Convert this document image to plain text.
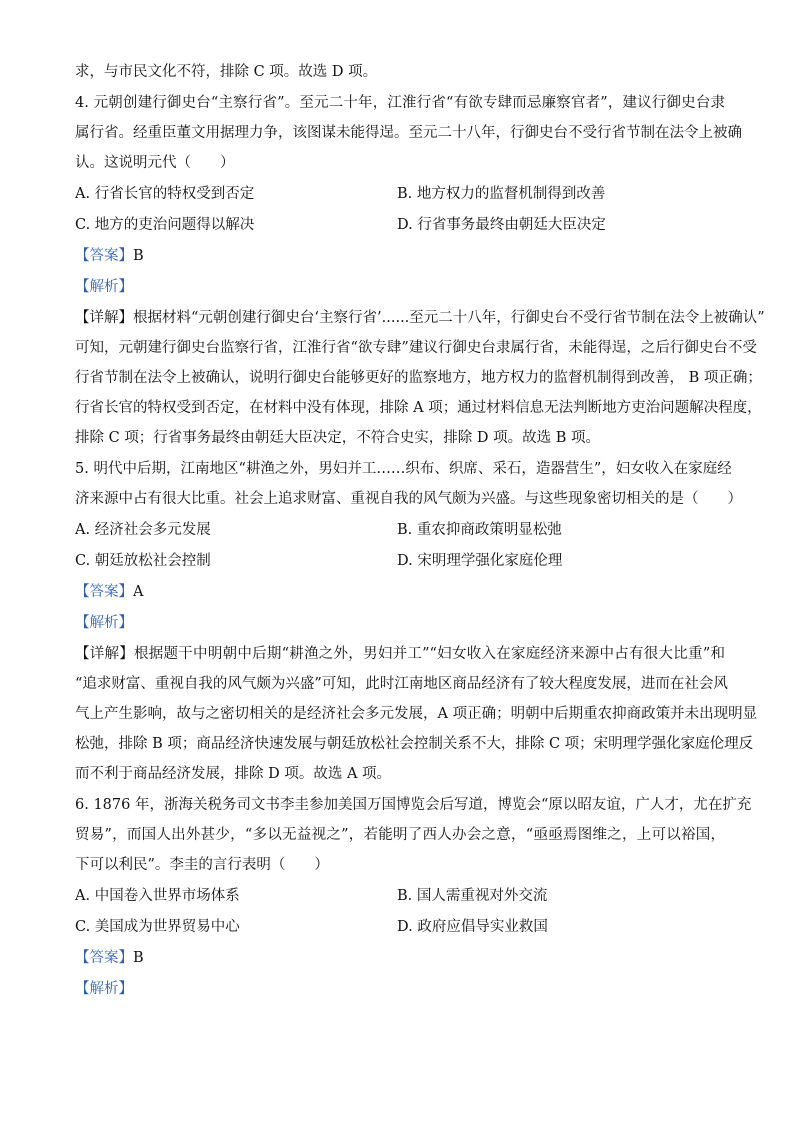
求，与市民文化不符，排除 C 项。故选 D 项。

4. 元朝创建行御史台“主察行省”。至元二十年，江淮行省“有欲专肆而忌廉察官者”，建议行御史台隶

属行省。经重臣董文用据理力争，该图谋未能得逞。至元二十八年，行御史台不受行省节制在法令上被确

认。这说明元代（　　）

A. 行省长官的特权受到否定	B. 地方权力的监督机制得到改善
C. 地方的吏治问题得以解决	D. 行省事务最终由朝廷大臣决定

【答案】B

【解析】

【详解】根据材料“元朝创建行御史台‘主察行省’......至元二十八年，行御史台不受行省节制在法令上被确认”

可知，元朝建行御史台监察行省，江淮行省“欲专肆”建议行御史台隶属行省，未能得逞，之后行御史台不受

行省节制在法令上被确认，说明行御史台能够更好的监察地方，地方权力的监督机制得到改善， B 项正确；

行省长官的特权受到否定，在材料中没有体现，排除 A 项；通过材料信息无法判断地方吏治问题解决程度，

排除 C 项；行省事务最终由朝廷大臣决定，不符合史实，排除 D 项。故选 B 项。

5. 明代中后期，江南地区“耕渔之外，男妇并工……织布、织席、采石，造器营生”，妇女收入在家庭经

济来源中占有很大比重。社会上追求财富、重视自我的风气颇为兴盛。与这些现象密切相关的是（　　）

A. 经济社会多元发展	B. 重农抑商政策明显松弛
C. 朝廷放松社会控制	D. 宋明理学强化家庭伦理

【答案】A

【解析】

【详解】根据题干中明朝中后期“耕渔之外，男妇并工”“妇女收入在家庭经济来源中占有很大比重”和

“追求财富、重视自我的风气颇为兴盛”可知，此时江南地区商品经济有了较大程度发展，进而在社会风

气上产生影响，故与之密切相关的是经济社会多元发展，A 项正确；明朝中后期重农抑商政策并未出现明显

松弛，排除 B 项；商品经济快速发展与朝廷放松社会控制关系不大，排除 C 项；宋明理学强化家庭伦理反

而不利于商品经济发展，排除 D 项。故选 A 项。

6. 1876 年，浙海关税务司文书李圭参加美国万国博览会后写道，博览会“原以昭友谊，广人才，尤在扩充

贸易”，而国人出外甚少，“多以无益视之”，若能明了西人办会之意，“亟亟焉图维之，上可以裕国，

下可以利民”。李圭的言行表明（　　）

A. 中国卷入世界市场体系	B. 国人需重视对外交流
C. 美国成为世界贸易中心	D. 政府应倡导实业救国

【答案】B

【解析】
